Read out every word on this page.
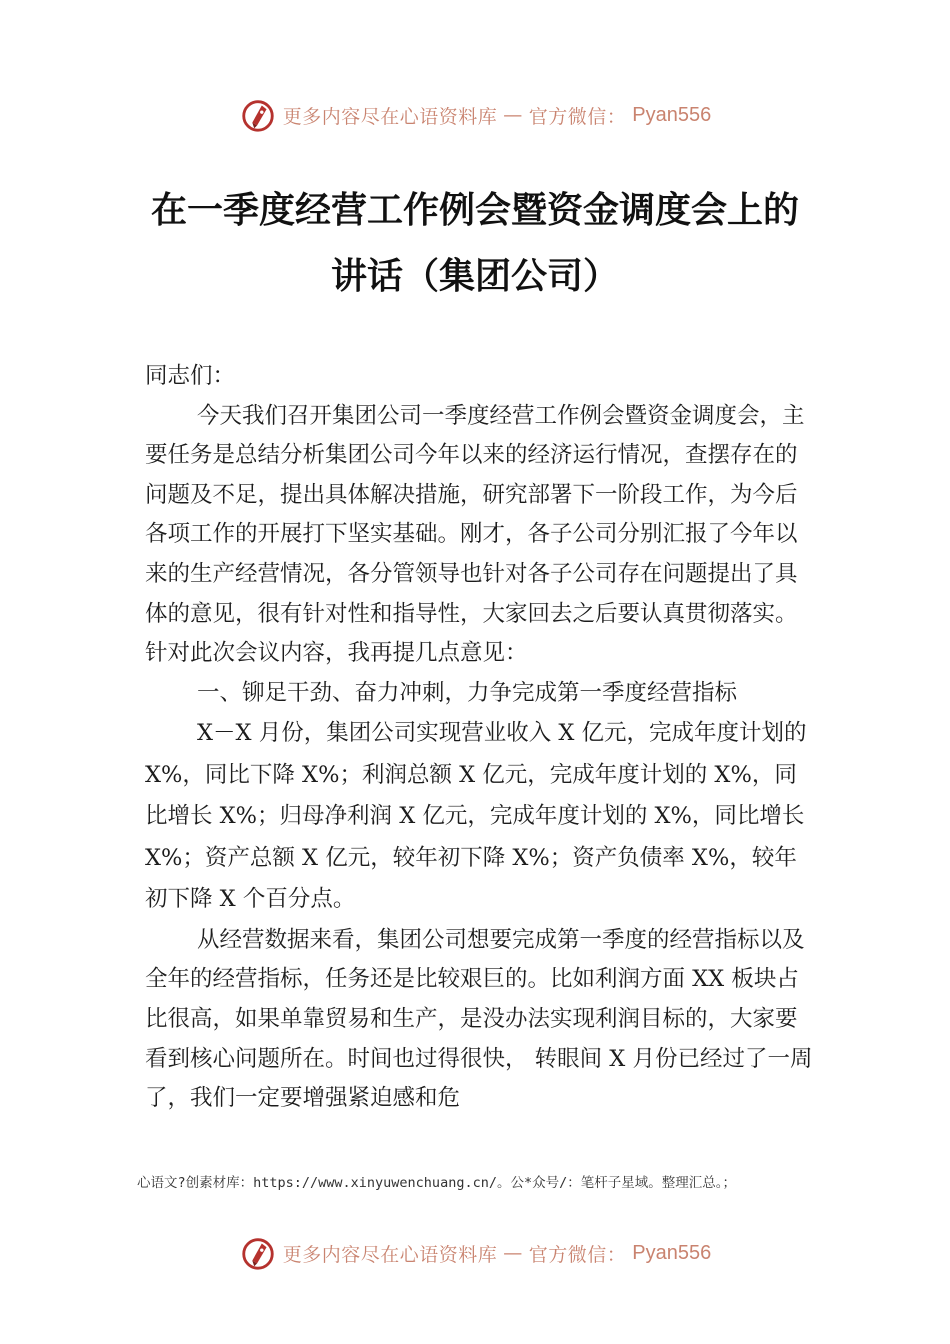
更多内容尽在心语资料库 — 官方微信： Pyan556
在一季度经营工作例会暨资金调度会上的
讲话（集团公司）

同志们：

今天我们召开集团公司一季度经营工作例会暨资金调度会，主要任务是总结分析集团公司今年以来的经济运行情况，查摆存在的问题及不足，提出具体解决措施，研究部署下一阶段工作，为今后各项工作的开展打下坚实基础。刚才，各子公司分别汇报了今年以来的生产经营情况，各分管领导也针对各子公司存在问题提出了具体的意见，很有针对性和指导性，大家回去之后要认真贯彻落实。针对此次会议内容，我再提几点意见：

一、铆足干劲、奋力冲刺，力争完成第一季度经营指标

X－X 月份，集团公司实现营业收入 X 亿元，完成年度计划的 X%，同比下降 X%；利润总额 X 亿元，完成年度计划的 X%，同比增长 X%；归母净利润 X 亿元，完成年度计划的 X%，同比增长 X%；资产总额 X 亿元，较年初下降 X%；资产负债率 X%，较年初下降 X 个百分点。

从经营数据来看，集团公司想要完成第一季度的经营指标以及全年的经营指标，任务还是比较艰巨的。比如利润方面 XX 板块占比很高，如果单靠贸易和生产，是没办法实现利润目标的，大家要看到核心问题所在。时间也过得很快， 转眼间 X 月份已经过了一周了，我们一定要增强紧迫感和危

心语文?创素材库：https://www.xinyuwenchuang.cn/。公*众号/：笔杆子星域。整理汇总。；
更多内容尽在心语资料库 — 官方微信： Pyan556
